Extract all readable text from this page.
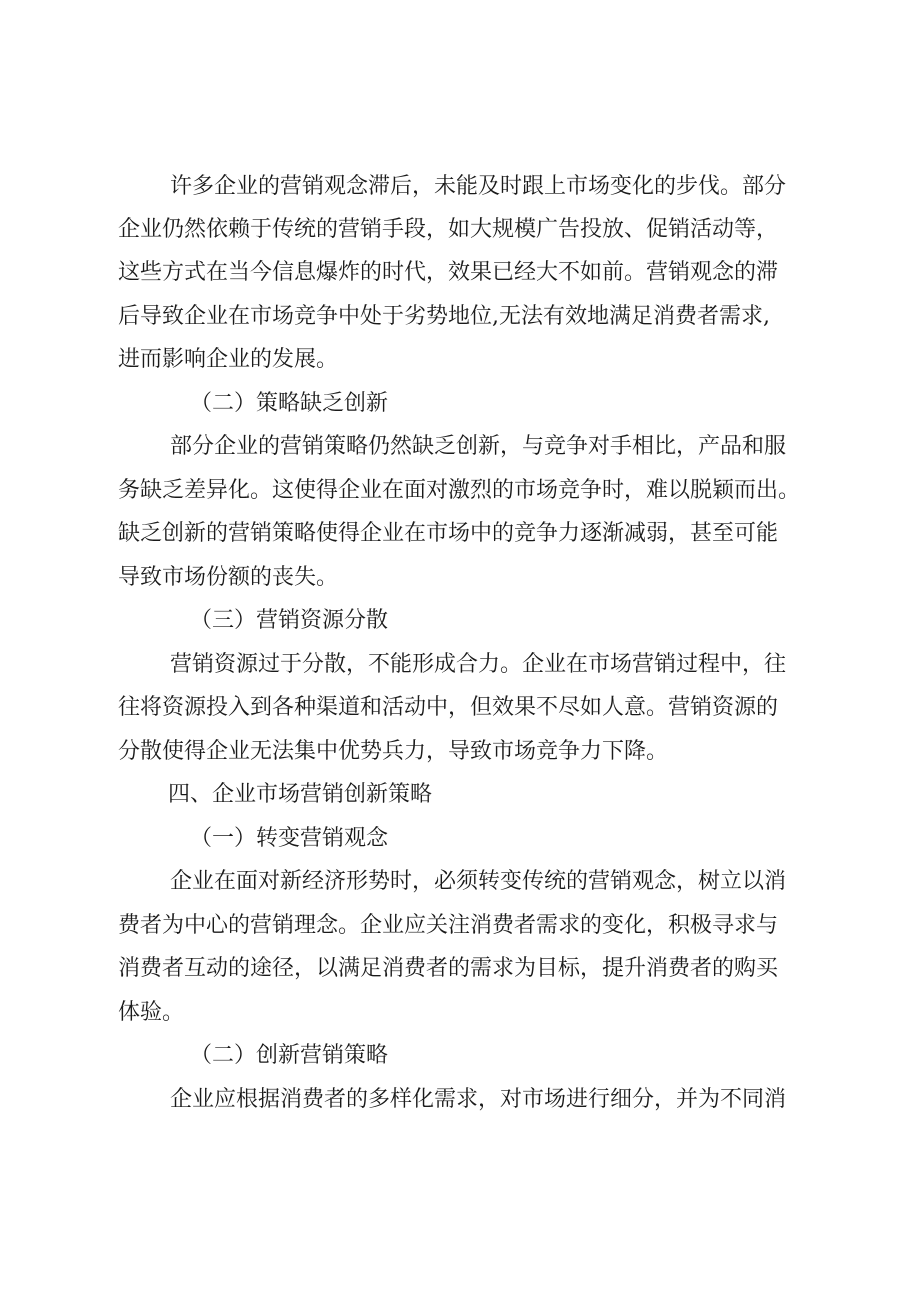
许多企业的营销观念滞后，未能及时跟上市场变化的步伐。部分
企业仍然依赖于传统的营销手段，如大规模广告投放、促销活动等，
这些方式在当今信息爆炸的时代，效果已经大不如前。营销观念的滞
后导致企业在市场竞争中处于劣势地位,无法有效地满足消费者需求,
进而影响企业的发展。
（二）策略缺乏创新
部分企业的营销策略仍然缺乏创新，与竞争对手相比，产品和服
务缺乏差异化。这使得企业在面对激烈的市场竞争时，难以脱颖而出。
缺乏创新的营销策略使得企业在市场中的竞争力逐渐减弱，甚至可能
导致市场份额的丧失。
（三）营销资源分散
营销资源过于分散，不能形成合力。企业在市场营销过程中，往
往将资源投入到各种渠道和活动中，但效果不尽如人意。营销资源的
分散使得企业无法集中优势兵力，导致市场竞争力下降。
四、企业市场营销创新策略
（一）转变营销观念
企业在面对新经济形势时，必须转变传统的营销观念，树立以消
费者为中心的营销理念。企业应关注消费者需求的变化，积极寻求与
消费者互动的途径，以满足消费者的需求为目标，提升消费者的购买
体验。
（二）创新营销策略
企业应根据消费者的多样化需求，对市场进行细分，并为不同消
